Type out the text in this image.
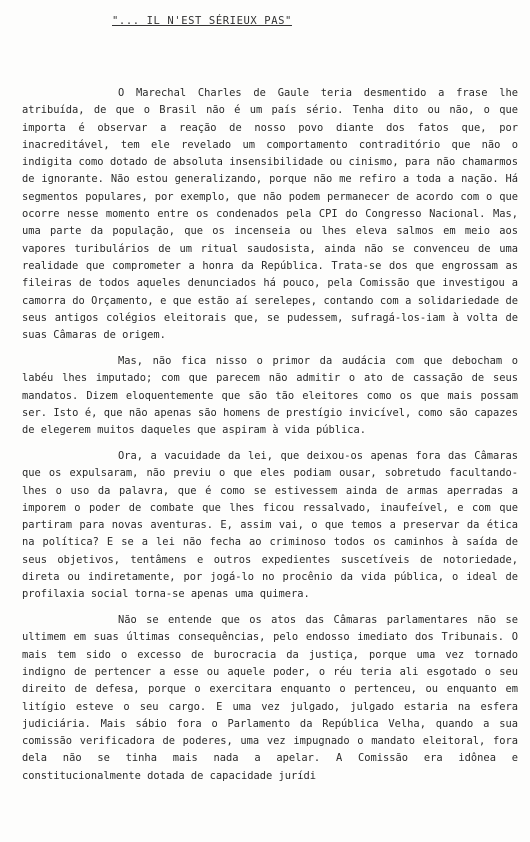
"... IL N'EST SÉRIEUX PAS"

O Marechal Charles de Gaule teria desmentido a frase lhe atribuída, de que o Brasil não é um país sério. Tenha dito ou não, o que importa é observar a reação de nosso povo diante dos fatos que, por inacreditável, tem ele revelado um comportamento contraditório que não o indigita como dotado de absoluta insensibilidade ou cinismo, para não chamarmos de ignorante. Não estou generalizando, porque não me refiro a toda a nação. Há segmentos populares, por exemplo, que não podem permanecer de acordo com o que ocorre nesse momento entre os condenados pela CPI do Congresso Nacional. Mas, uma parte da população, que os incenseia ou lhes eleva salmos em meio aos vapores turibulários de um ritual saudosista, ainda não se convenceu de uma realidade que comprometer a honra da República. Trata-se dos que engrossam as fileiras de todos aqueles denunciados há pouco, pela Comissão que investigou a camorra do Orçamento, e que estão aí serelepes, contando com a solidariedade de seus antigos colégios eleitorais que, se pudessem, sufragá-los-iam à volta de suas Câmaras de origem.

Mas, não fica nisso o primor da audácia com que debocham o labéu lhes imputado; com que parecem não admitir o ato de cassação de seus mandatos. Dizem eloquentemente que são tão eleitores como os que mais possam ser. Isto é, que não apenas são homens de prestígio invicível, como são capazes de elegerem muitos daqueles que aspiram à vida pública.

Ora, a vacuidade da lei, que deixou-os apenas fora das Câmaras que os expulsaram, não previu o que eles podiam ousar, sobretudo facultando-lhes o uso da palavra, que é como se estivessem ainda de armas aperradas a imporem o poder de combate que lhes ficou ressalvado, inaufeível, e com que partiram para novas aventuras. E, assim vai, o que temos a preservar da ética na política? E se a lei não fecha ao criminoso todos os caminhos à saída de seus objetivos, tentâmens e outros expedientes suscetíveis de notoriedade, direta ou indiretamente, por jogá-lo no procênio da vida pública, o ideal de profilaxia social torna-se apenas uma quimera.

Não se entende que os atos das Câmaras parlamentares não se ultimem em suas últimas consequências, pelo endosso imediato dos Tribunais. O mais tem sido o excesso de burocracia da justiça, porque uma vez tornado indigno de pertencer a esse ou aquele poder, o réu teria ali esgotado o seu direito de defesa, porque o exercitara enquanto o pertenceu, ou enquanto em litígio esteve o seu cargo. E uma vez julgado, julgado estaria na esfera judiciária. Mais sábio fora o Parlamento da República Velha, quando a sua comissão verificadora de poderes, uma vez impugnado o mandato eleitoral, fora dela não se tinha mais nada a apelar. A Comissão era idônea e constitucionalmente dotada de capacidade jurídi
